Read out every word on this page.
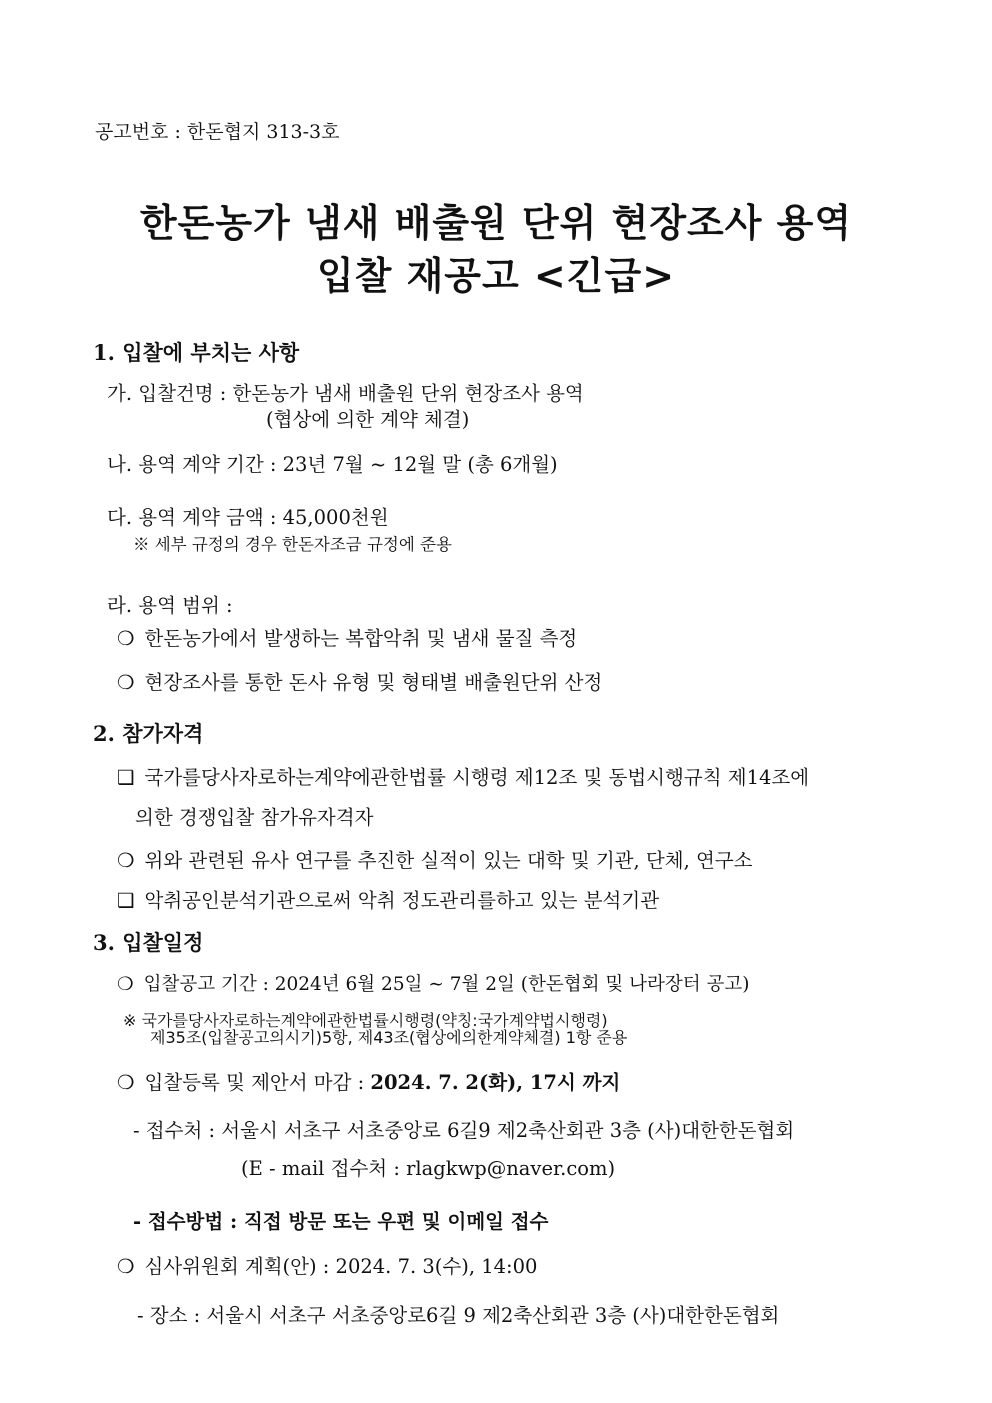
공고번호 : 한돈협지 313-3호
한돈농가 냄새 배출원 단위 현장조사 용역
입찰 재공고 <긴급>
1. 입찰에 부치는 사항
가. 입찰건명 : 한돈농가 냄새 배출원 단위 현장조사 용역
(협상에 의한 계약 체결)
나. 용역 계약 기간 : 23년 7월 ~ 12월 말 (총 6개월)
다. 용역 계약 금액 : 45,000천원
※ 세부 규정의 경우 한돈자조금 규정에 준용
라. 용역 범위 :
❍ 한돈농가에서 발생하는 복합악취 및 냄새 물질 측정
❍ 현장조사를 통한 돈사 유형 및 형태별 배출원단위 산정
2. 참가자격
❑ 국가를당사자로하는계약에관한법률 시행령 제12조 및 동법시행규칙 제14조에
의한 경쟁입찰 참가유자격자
❍ 위와 관련된 유사 연구를 추진한 실적이 있는 대학 및 기관, 단체, 연구소
❑ 악취공인분석기관으로써 악취 정도관리를하고 있는 분석기관
3. 입찰일정
❍ 입찰공고 기간 : 2024년 6월 25일 ∼ 7월 2일 (한돈협회 및 나라장터 공고)
※ 국가를당사자로하는계약에관한법률시행령(약칭:국가계약법시행령)
제35조(입찰공고의시기)5항, 제43조(협상에의한계약체결) 1항 준용
❍ 입찰등록 및 제안서 마감 : 2024. 7. 2(화), 17시 까지
- 접수처 : 서울시 서초구 서초중앙로 6길9 제2축산회관 3층 (사)대한한돈협회
(E - mail 접수처 : rlagkwp@naver.com)
- 접수방법 : 직접 방문 또는 우편 및 이메일 접수
❍ 심사위원회 계획(안) : 2024. 7. 3(수), 14:00
- 장소 : 서울시 서초구 서초중앙로6길 9 제2축산회관 3층 (사)대한한돈협회
